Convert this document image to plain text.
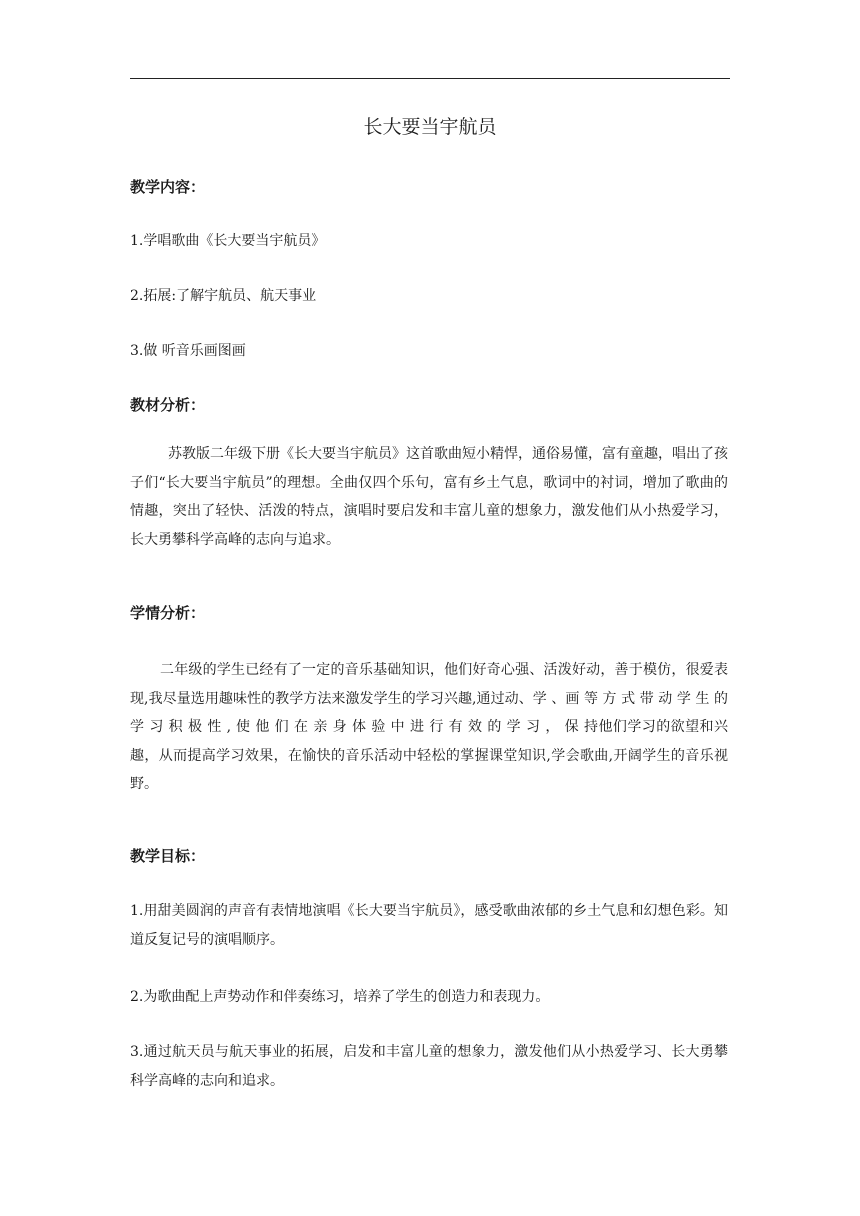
长大要当宇航员
教学内容：
1.学唱歌曲《长大要当宇航员》
2.拓展:了解宇航员、航天事业
3.做 听音乐画图画
教材分析：
苏教版二年级下册《长大要当宇航员》这首歌曲短小精悍，通俗易懂，富有童趣，唱出了孩子们“长大要当宇航员”的理想。全曲仅四个乐句，富有乡土气息，歌词中的衬词，增加了歌曲的情趣，突出了轻快、活泼的特点，演唱时要启发和丰富儿童的想象力，激发他们从小热爱学习，长大勇攀科学高峰的志向与追求。
学情分析：
二年级的学生已经有了一定的音乐基础知识，他们好奇心强、活泼好动，善于模仿，很爱表现,我尽量选用趣味性的教学方法来激发学生的学习兴趣,通过动、学 、画 等 方 式 带 动 学 生 的 学 习 积 极 性 , 使 他 们 在 亲 身 体 验 中 进 行 有 效 的 学 习 ， 保 持他们学习的欲望和兴趣，从而提高学习效果，在愉快的音乐活动中轻松的掌握课堂知识,学会歌曲,开阔学生的音乐视野。
教学目标：
1.用甜美圆润的声音有表情地演唱《长大要当宇航员》，感受歌曲浓郁的乡土气息和幻想色彩。知道反复记号的演唱顺序。
2.为歌曲配上声势动作和伴奏练习，培养了学生的创造力和表现力。
3.通过航天员与航天事业的拓展，启发和丰富儿童的想象力，激发他们从小热爱学习、长大勇攀科学高峰的志向和追求。
